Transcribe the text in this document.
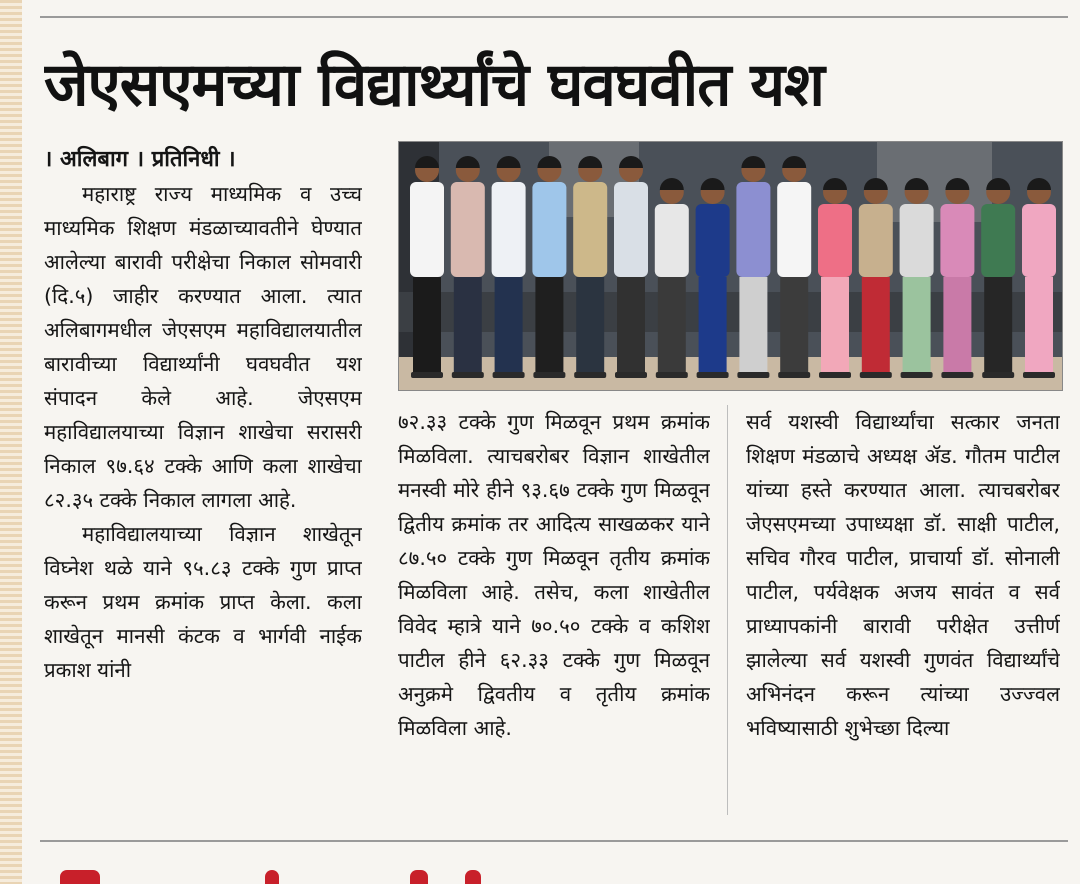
जेएसएमच्या विद्यार्थ्यांचे घवघवीत यश
। अलिबाग । प्रतिनिधी ।

महाराष्ट्र राज्य माध्यमिक व उच्च माध्यमिक शिक्षण मंडळाच्यावतीने घेण्यात आलेल्या बारावी परीक्षेचा निकाल सोमवारी (दि.५) जाहीर करण्यात आला. त्यात अलिबागमधील जेएसएम महाविद्यालयातील बारावीच्या विद्यार्थ्यांनी घवघवीत यश संपादन केले आहे. जेएसएम महाविद्यालयाच्या विज्ञान शाखेचा सरासरी निकाल ९७.६४ टक्के आणि कला शाखेचा ८२.३५ टक्के निकाल लागला आहे.

महाविद्यालयाच्या विज्ञान शाखेतून विघ्नेश थळे याने ९५.८३ टक्के गुण प्राप्त करून प्रथम क्रमांक प्राप्त केला. कला शाखेतून मानसी कंटक व भार्गवी नाईक प्रकाश यांनी

७२.३३ टक्के गुण मिळवून प्रथम क्रमांक मिळविला. त्याचबरोबर विज्ञान शाखेतील मनस्वी मोरे हीने ९३.६७ टक्के गुण मिळवून द्वितीय क्रमांक तर आदित्य साखळकर याने ८७.५० टक्के गुण मिळवून तृतीय क्रमांक मिळविला आहे. तसेच, कला शाखेतील विवेद म्हात्रे याने ७०.५० टक्के व कशिश पाटील हीने ६२.३३ टक्के गुण मिळवून अनुक्रमे द्विवतीय व तृतीय क्रमांक मिळविला आहे.

सर्व यशस्वी विद्यार्थ्यांचा सत्कार जनता शिक्षण मंडळाचे अध्यक्ष ॲड. गौतम पाटील यांच्या हस्ते करण्यात आला. त्याचबरोबर जेएसएमच्या उपाध्यक्षा डॉ. साक्षी पाटील, सचिव गौरव पाटील, प्राचार्या डॉ. सोनाली पाटील, पर्यवेक्षक अजय सावंत व सर्व प्राध्यापकांनी बारावी परीक्षेत उत्तीर्ण झालेल्या सर्व यशस्वी गुणवंत विद्यार्थ्यांचे अभिनंदन करून त्यांच्या उज्ज्वल भविष्यासाठी शुभेच्छा दिल्या
